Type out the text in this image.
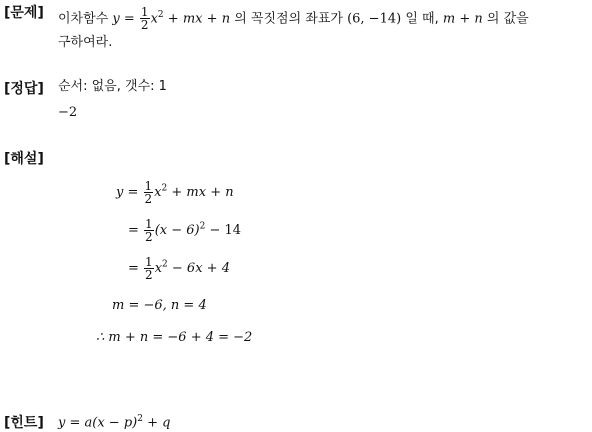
[문제] 이차함수 $y = \frac{1}{2} x^2$ + mx + n 의 꼭짓점의 좌표가 (6, −14) 일 때, m + n 의 값을
구하여라.
[정답] 순서: 없음, 갯수: 1
−2
[해설]
$y = \frac{1}{2} x^2$ + mx + n
= $\frac{1}{2} (x - 6)^2 - 14$
= $\frac{1}{2} x^2 - 6x + 4$
m = −6, n = 4
∴ m + n = −6 + 4 = −2
[힌트] $y = a(x - p)^2 + q$
